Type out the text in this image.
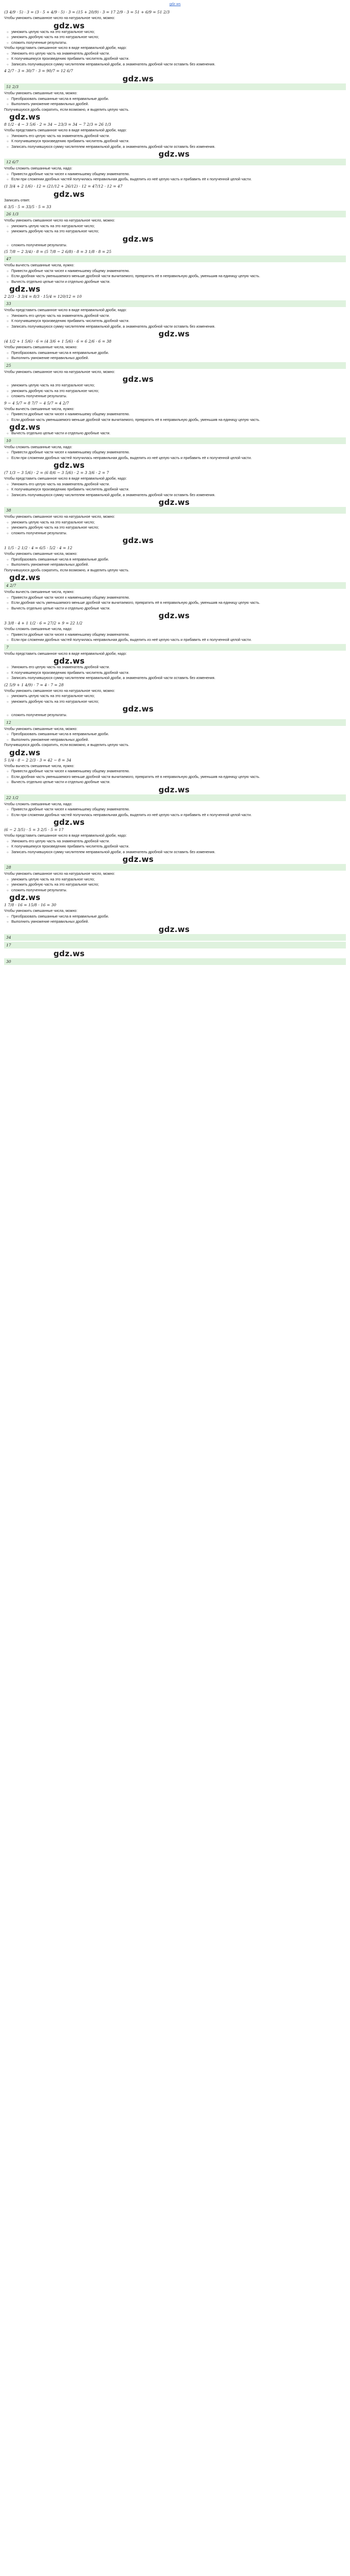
gdz.ws
(3 4/9 · 5) · 3 = (3 · 5 + 4/9 · 5) · 3 = (15 + 20/9) · 3 = 17 2/9 · 3 = 51 + 6/9 = 51 2/3

Чтобы умножить смешанное число на натуральное число, можно:

gdz.ws

○ умножить целую часть на это натуральное число;

○ умножить дробную часть на это натуральное число;

○ сложить полученные результаты.

Чтобы представить смешанное число в виде неправильной дроби, надо:

○ Умножить его целую часть на знаменатель дробной части.

○ К получившемуся произведению прибавить числитель дробной части.

○ Записать получившуюся сумму числителем неправильной дроби, а знаменатель дробной части оставить без изменения.

4 2/7 · 3 = 30/7 · 3 = 90/7 = 12 6/7
gdz.ws
51 2/3

Чтобы умножить смешанные числа, можно:

○ Преобразовать смешанные числа в неправильные дроби.

○ Выполнить умножение неправильных дробей.

Получившуюся дробь сократить, если возможно, и выделить целую часть.

gdz.ws
8 1/2 · 4 − 3 5/6 · 2 = 34 − 23/3 = 34 − 7 2/3 = 26 1/3

Чтобы представить смешанное число в виде неправильной дроби, надо:

○ Умножить его целую часть на знаменатель дробной части.

○ К получившемуся произведению прибавить числитель дробной части.

○ Записать получившуюся сумму числителем неправильной дроби, а знаменатель дробной части оставить без изменения.

gdz.ws
12 6/7

Чтобы сложить смешанные числа, надо:

○ Привести дробные части чисел к наименьшему общему знаменателю.

○ Если при сложении дробных частей получилась неправильная дробь, выделить из неё целую часть и прибавить её к полученной целой части.

(1 3/4 + 2 1/6) · 12 = (21/12 + 26/12) · 12 = 47/12 · 12 = 47
gdz.ws

Записать ответ.

6 3/5 · 5 = 33/5 · 5 = 33
26 1/3

Чтобы умножить смешанное число на натуральное число, можно:

○ умножить целую часть на это натуральное число;

○ умножить дробную часть на это натуральное число;

gdz.ws

○ сложить полученные результаты.

(5 7/8 − 2 3/4) · 8 = (5 7/8 − 2 6/8) · 8 = 3 1/8 · 8 = 25
47

Чтобы вычесть смешанные числа, нужно:

○ Привести дробные части чисел к наименьшему общему знаменателю.

○ Если дробная часть уменьшаемого меньше дробной части вычитаемого, превратить её в неправильную дробь, уменьшив на единицу целую часть.

○ Вычесть отдельно целые части и отдельно дробные части.

gdz.ws
2 2/3 · 3 3/4 = 8/3 · 15/4 = 120/12 = 10
33

Чтобы представить смешанное число в виде неправильной дроби, надо:

○ Умножить его целую часть на знаменатель дробной части.

○ К получившемуся произведению прибавить числитель дробной части.

○ Записать получившуюся сумму числителем неправильной дроби, а знаменатель дробной части оставить без изменения.

gdz.ws
(4 1/2 + 1 5/6) · 6 = (4 3/6 + 1 5/6) · 6 = 6 2/6 · 6 = 38

Чтобы умножить смешанные числа, можно:

○ Преобразовать смешанные числа в неправильные дроби.

○ Выполнить умножение неправильных дробей.

25

Чтобы умножить смешанное число на натуральное число, можно:

gdz.ws

○ умножить целую часть на это натуральное число;

○ умножить дробную часть на это натуральное число;

○ сложить полученные результаты.

9 − 4 5/7 = 8 7/7 − 4 5/7 = 4 2/7

Чтобы вычесть смешанные числа, нужно:

○ Привести дробные части чисел к наименьшему общему знаменателю.

○ Если дробная часть уменьшаемого меньше дробной части вычитаемого, превратить её в неправильную дробь, уменьшив на единицу целую часть.

gdz.ws

○ Вычесть отдельно целые части и отдельно дробные части.

10

Чтобы сложить смешанные числа, надо:

○ Привести дробные части чисел к наименьшему общему знаменателю.

○ Если при сложении дробных частей получилась неправильная дробь, выделить из неё целую часть и прибавить её к полученной целой части.

gdz.ws
(7 1/3 − 3 5/6) · 2 = (6 8/6 − 3 5/6) · 2 = 3 3/6 · 2 = 7

Чтобы представить смешанное число в виде неправильной дроби, надо:

○ Умножить его целую часть на знаменатель дробной части.

○ К получившемуся произведению прибавить числитель дробной части.

○ Записать получившуюся сумму числителем неправильной дроби, а знаменатель дробной части оставить без изменения.

gdz.ws
38

Чтобы умножить смешанное число на натуральное число, можно:

○ умножить целую часть на это натуральное число;

○ умножить дробную часть на это натуральное число;

○ сложить полученные результаты.

gdz.ws
1 1/5 · 2 1/2 · 4 = 6/5 · 5/2 · 4 = 12

Чтобы умножить смешанные числа, можно:

○ Преобразовать смешанные числа в неправильные дроби.

○ Выполнить умножение неправильных дробей.

Получившуюся дробь сократить, если возможно, и выделить целую часть.

gdz.ws
4 2/7

Чтобы вычесть смешанные числа, нужно:

○ Привести дробные части чисел к наименьшему общему знаменателю.

○ Если дробная часть уменьшаемого меньше дробной части вычитаемого, превратить её в неправильную дробь, уменьшив на единицу целую часть.

○ Вычесть отдельно целые части и отдельно дробные части.

gdz.ws
3 3/8 · 4 + 1 1/2 · 6 = 27/2 + 9 = 22 1/2

Чтобы сложить смешанные числа, надо:

○ Привести дробные части чисел к наименьшему общему знаменателю.

○ Если при сложении дробных частей получилась неправильная дробь, выделить из неё целую часть и прибавить её к полученной целой части.

7

Чтобы представить смешанное число в виде неправильной дроби, надо:

gdz.ws

○ Умножить его целую часть на знаменатель дробной части.

○ К получившемуся произведению прибавить числитель дробной части.

○ Записать получившуюся сумму числителем неправильной дроби, а знаменатель дробной части оставить без изменения.

(2 5/9 + 1 4/9) · 7 = 4 · 7 = 28

Чтобы умножить смешанное число на натуральное число, можно:

○ умножить целую часть на это натуральное число;

○ умножить дробную часть на это натуральное число;

gdz.ws

○ сложить полученные результаты.

12

Чтобы умножить смешанные числа, можно:

○ Преобразовать смешанные числа в неправильные дроби.

○ Выполнить умножение неправильных дробей.

Получившуюся дробь сократить, если возможно, и выделить целую часть.

gdz.ws
5 1/4 · 8 − 2 2/3 · 3 = 42 − 8 = 34

Чтобы вычесть смешанные числа, нужно:

○ Привести дробные части чисел к наименьшему общему знаменателю.

○ Если дробная часть уменьшаемого меньше дробной части вычитаемого, превратить её в неправильную дробь, уменьшив на единицу целую часть.

○ Вычесть отдельно целые части и отдельно дробные части.

gdz.ws
22 1/2

Чтобы сложить смешанные числа, надо:

○ Привести дробные части чисел к наименьшему общему знаменателю.

○ Если при сложении дробных частей получилась неправильная дробь, выделить из неё целую часть и прибавить её к полученной целой части.

gdz.ws
(6 − 2 3/5) · 5 = 3 2/5 · 5 = 17

Чтобы представить смешанное число в виде неправильной дроби, надо:

○ Умножить его целую часть на знаменатель дробной части.

○ К получившемуся произведению прибавить числитель дробной части.

○ Записать получившуюся сумму числителем неправильной дроби, а знаменатель дробной части оставить без изменения.

gdz.ws
28

Чтобы умножить смешанное число на натуральное число, можно:

○ умножить целую часть на это натуральное число;

○ умножить дробную часть на это натуральное число;

○ сложить полученные результаты.

gdz.ws
1 7/8 · 16 = 15/8 · 16 = 30

Чтобы умножить смешанные числа, можно:

○ Преобразовать смешанные числа в неправильные дроби.

○ Выполнить умножение неправильных дробей.

gdz.ws
34
17
gdz.ws
30
